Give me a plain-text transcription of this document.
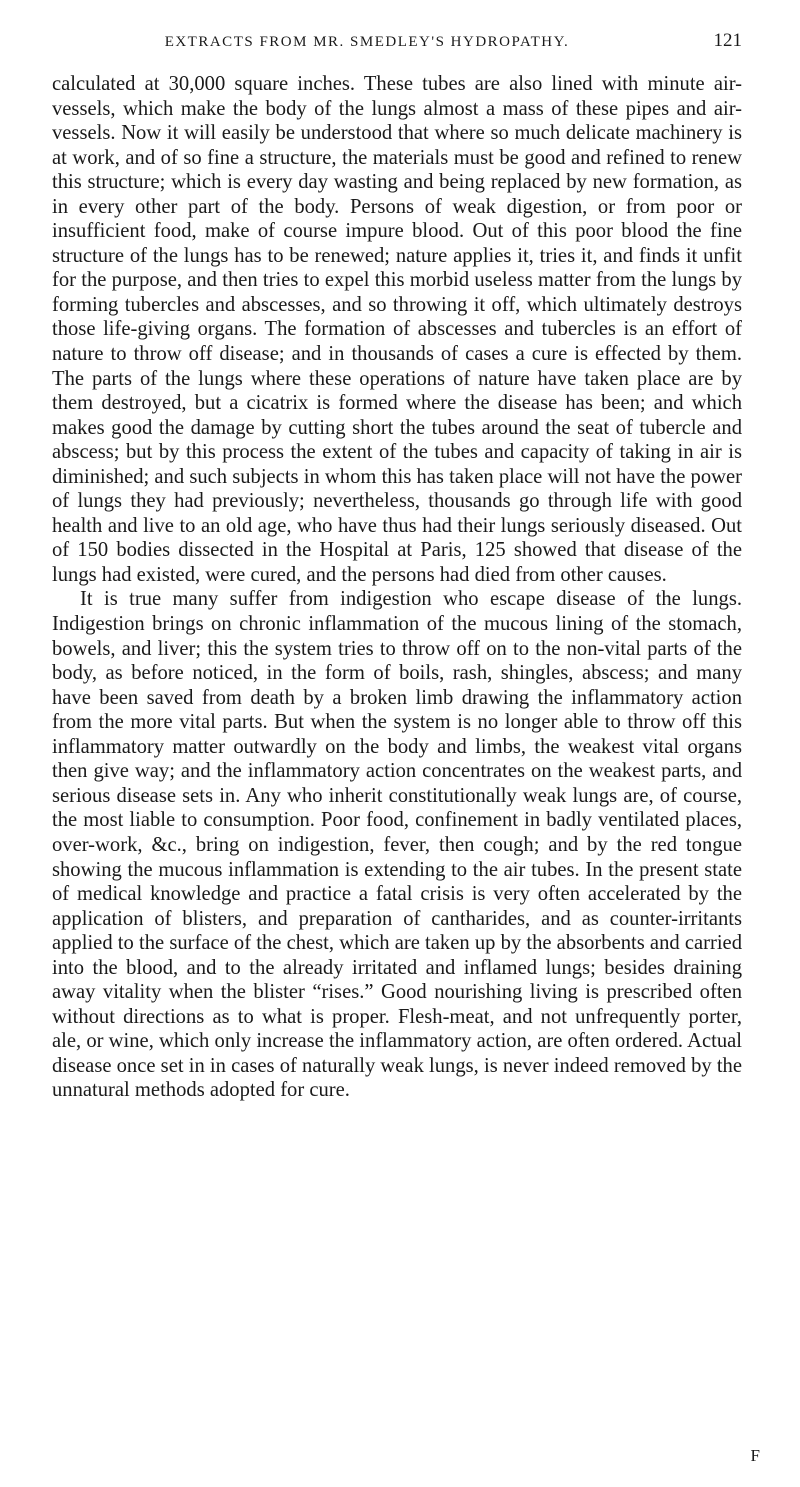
EXTRACTS FROM MR. SMEDLEY'S HYDROPATHY.	121

calculated at 30,000 square inches. These tubes are also lined with minute air-vessels, which make the body of the lungs almost a mass of these pipes and air-vessels. Now it will easily be understood that where so much delicate machinery is at work, and of so fine a structure, the materials must be good and refined to renew this structure; which is every day wasting and being replaced by new formation, as in every other part of the body. Persons of weak digestion, or from poor or insufficient food, make of course impure blood. Out of this poor blood the fine structure of the lungs has to be renewed; nature applies it, tries it, and finds it unfit for the purpose, and then tries to expel this morbid useless matter from the lungs by forming tubercles and abscesses, and so throwing it off, which ultimately destroys those life-giving organs. The formation of abscesses and tubercles is an effort of nature to throw off disease; and in thousands of cases a cure is effected by them. The parts of the lungs where these operations of nature have taken place are by them destroyed, but a cicatrix is formed where the disease has been; and which makes good the damage by cutting short the tubes around the seat of tubercle and abscess; but by this process the extent of the tubes and capacity of taking in air is diminished; and such subjects in whom this has taken place will not have the power of lungs they had previously; nevertheless, thousands go through life with good health and live to an old age, who have thus had their lungs seriously diseased. Out of 150 bodies dissected in the Hospital at Paris, 125 showed that disease of the lungs had existed, were cured, and the persons had died from other causes.

It is true many suffer from indigestion who escape disease of the lungs. Indigestion brings on chronic inflammation of the mucous lining of the stomach, bowels, and liver; this the system tries to throw off on to the non-vital parts of the body, as before noticed, in the form of boils, rash, shingles, abscess; and many have been saved from death by a broken limb drawing the inflammatory action from the more vital parts. But when the system is no longer able to throw off this inflammatory matter outwardly on the body and limbs, the weakest vital organs then give way; and the inflammatory action concentrates on the weakest parts, and serious disease sets in. Any who inherit constitutionally weak lungs are, of course, the most liable to consumption. Poor food, confinement in badly ventilated places, over-work, &c., bring on indigestion, fever, then cough; and by the red tongue showing the mucous inflammation is extending to the air tubes. In the present state of medical knowledge and practice a fatal crisis is very often accelerated by the application of blisters, and preparation of cantharides, and as counter-irritants applied to the surface of the chest, which are taken up by the absorbents and carried into the blood, and to the already irritated and inflamed lungs; besides draining away vitality when the blister “rises.” Good nourishing living is prescribed often without directions as to what is proper. Flesh-meat, and not unfrequently porter, ale, or wine, which only increase the inflammatory action, are often ordered. Actual disease once set in in cases of naturally weak lungs, is never indeed removed by the unnatural methods adopted for cure.

F
